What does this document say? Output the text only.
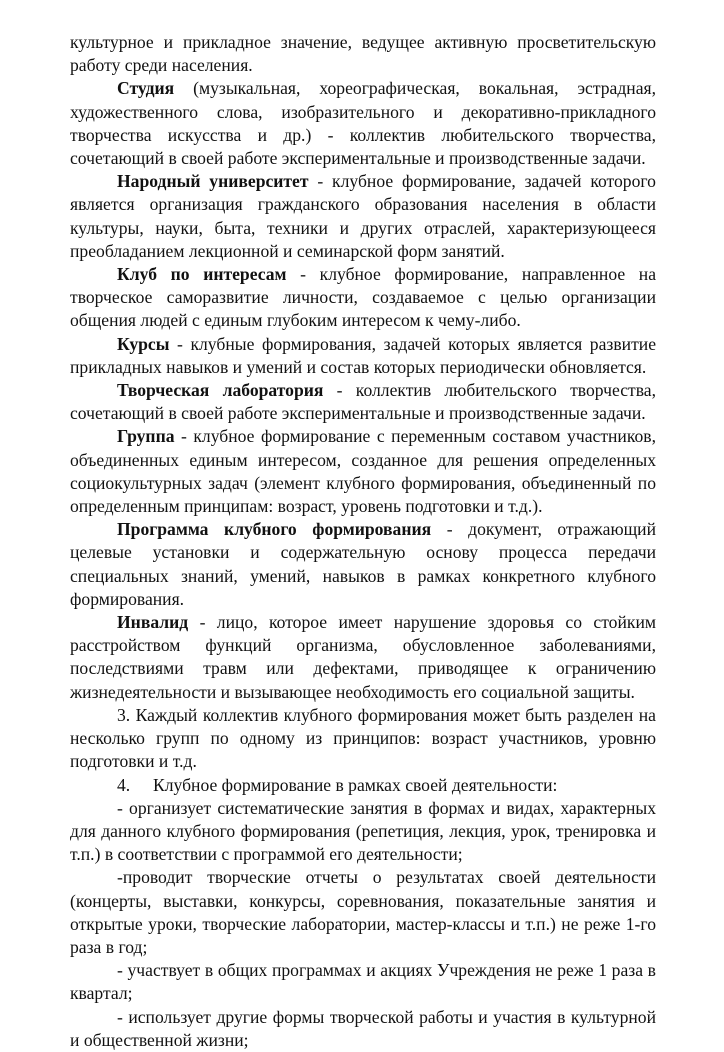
культурное и прикладное значение, ведущее активную просветительскую работу среди населения.

Студия (музыкальная, хореографическая, вокальная, эстрадная, художественного слова, изобразительного и декоративно-прикладного творчества искусства и др.) - коллектив любительского творчества, сочетающий в своей работе экспериментальные и производственные задачи.

Народный университет - клубное формирование, задачей которого является организация гражданского образования населения в области культуры, науки, быта, техники и других отраслей, характеризующееся преобладанием лекционной и семинарской форм занятий.

Клуб по интересам - клубное формирование, направленное на творческое саморазвитие личности, создаваемое с целью организации общения людей с единым глубоким интересом к чему-либо.

Курсы - клубные формирования, задачей которых является развитие прикладных навыков и умений и состав которых периодически обновляется.

Творческая лаборатория - коллектив любительского творчества, сочетающий в своей работе экспериментальные и производственные задачи.

Группа - клубное формирование с переменным составом участников, объединенных единым интересом, созданное для решения определенных социокультурных задач (элемент клубного формирования, объединенный по определенным принципам: возраст, уровень подготовки и т.д.).

Программа клубного формирования - документ, отражающий целевые установки и содержательную основу процесса передачи специальных знаний, умений, навыков в рамках конкретного клубного формирования.

Инвалид - лицо, которое имеет нарушение здоровья со стойким расстройством функций организма, обусловленное заболеваниями, последствиями травм или дефектами, приводящее к ограничению жизнедеятельности и вызывающее необходимость его социальной защиты.

3. Каждый коллектив клубного формирования может быть разделен на несколько групп по одному из принципов: возраст участников, уровню подготовки и т.д.

4. Клубное формирование в рамках своей деятельности:

- организует систематические занятия в формах и видах, характерных для данного клубного формирования (репетиция, лекция, урок, тренировка и т.п.) в соответствии с программой его деятельности;

-проводит творческие отчеты о результатах своей деятельности (концерты, выставки, конкурсы, соревнования, показательные занятия и открытые уроки, творческие лаборатории, мастер-классы и т.п.) не реже 1-го раза в год;

- участвует в общих программах и акциях Учреждения не реже 1 раза в квартал;

- использует другие формы творческой работы и участия в культурной и общественной жизни;
